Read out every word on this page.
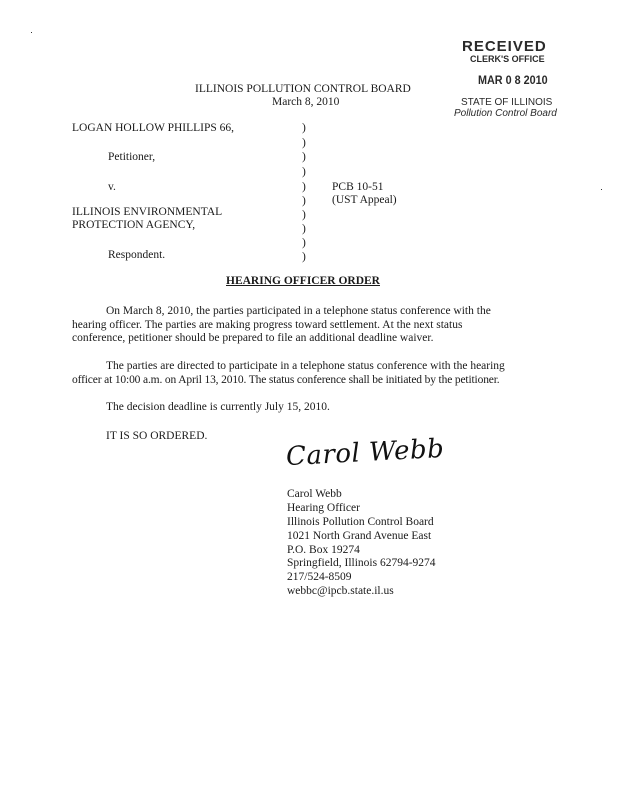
RECEIVED
CLERK'S OFFICE
MAR 0 8 2010
STATE OF ILLINOIS
Pollution Control Board
ILLINOIS POLLUTION CONTROL BOARD
March 8, 2010
LOGAN HOLLOW PHILLIPS 66,
Petitioner,
v.
ILLINOIS ENVIRONMENTAL
PROTECTION AGENCY,
Respondent.
)
)
)
)
)
)
)
)
)
)
PCB 10-51
(UST Appeal)
HEARING OFFICER ORDER
On March 8, 2010, the parties participated in a telephone status conference with the
hearing officer. The parties are making progress toward settlement. At the next status
conference, petitioner should be prepared to file an additional deadline waiver.
The parties are directed to participate in a telephone status conference with the hearing
officer at 10:00 a.m. on April 13, 2010. The status conference shall be initiated by the petitioner.
The decision deadline is currently July 15, 2010.
IT IS SO ORDERED.	Carol Webb
Carol Webb
Hearing Officer
Illinois Pollution Control Board
1021 North Grand Avenue East
P.O. Box 19274
Springfield, Illinois 62794-9274
217/524-8509
webbc@ipcb.state.il.us
